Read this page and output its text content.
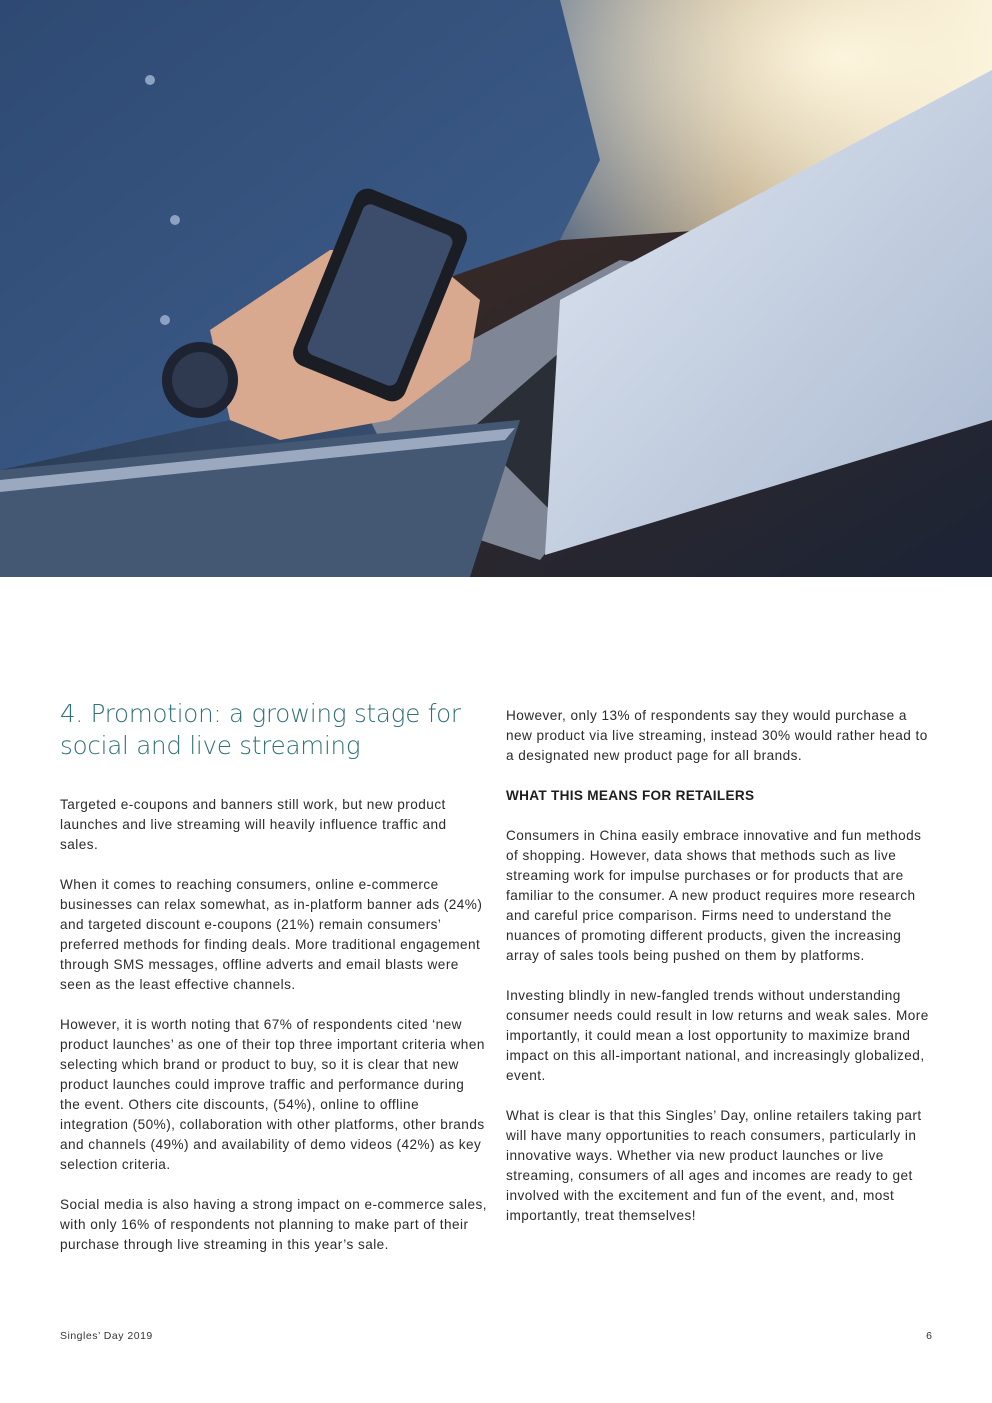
4. Promotion: a growing stage for social and live streaming

Targeted e-coupons and banners still work, but new product launches and live streaming will heavily influence traffic and sales.

When it comes to reaching consumers, online e-commerce businesses can relax somewhat, as in-platform banner ads (24%) and targeted discount e-coupons (21%) remain consumers’ preferred methods for finding deals. More traditional engagement through SMS messages, offline adverts and email blasts were seen as the least effective channels.

However, it is worth noting that 67% of respondents cited ‘new product launches’ as one of their top three important criteria when selecting which brand or product to buy, so it is clear that new product launches could improve traffic and performance during the event. Others cite discounts, (54%), online to offline integration (50%), collaboration with other platforms, other brands and channels (49%) and availability of demo videos (42%) as key selection criteria.

Social media is also having a strong impact on e-commerce sales, with only 16% of respondents not planning to make part of their purchase through live streaming in this year’s sale.

However, only 13% of respondents say they would purchase a new product via live streaming, instead 30% would rather head to a designated new product page for all brands.

WHAT THIS MEANS FOR RETAILERS

Consumers in China easily embrace innovative and fun methods of shopping. However, data shows that methods such as live streaming work for impulse purchases or for products that are familiar to the consumer. A new product requires more research and careful price comparison. Firms need to understand the nuances of promoting different products, given the increasing array of sales tools being pushed on them by platforms.

Investing blindly in new-fangled trends without understanding consumer needs could result in low returns and weak sales. More importantly, it could mean a lost opportunity to maximize brand impact on this all-important national, and increasingly globalized, event.

What is clear is that this Singles’ Day, online retailers taking part will have many opportunities to reach consumers, particularly in innovative ways. Whether via new product launches or live streaming, consumers of all ages and incomes are ready to get involved with the excitement and fun of the event, and, most importantly, treat themselves!

Singles’ Day 2019	6
